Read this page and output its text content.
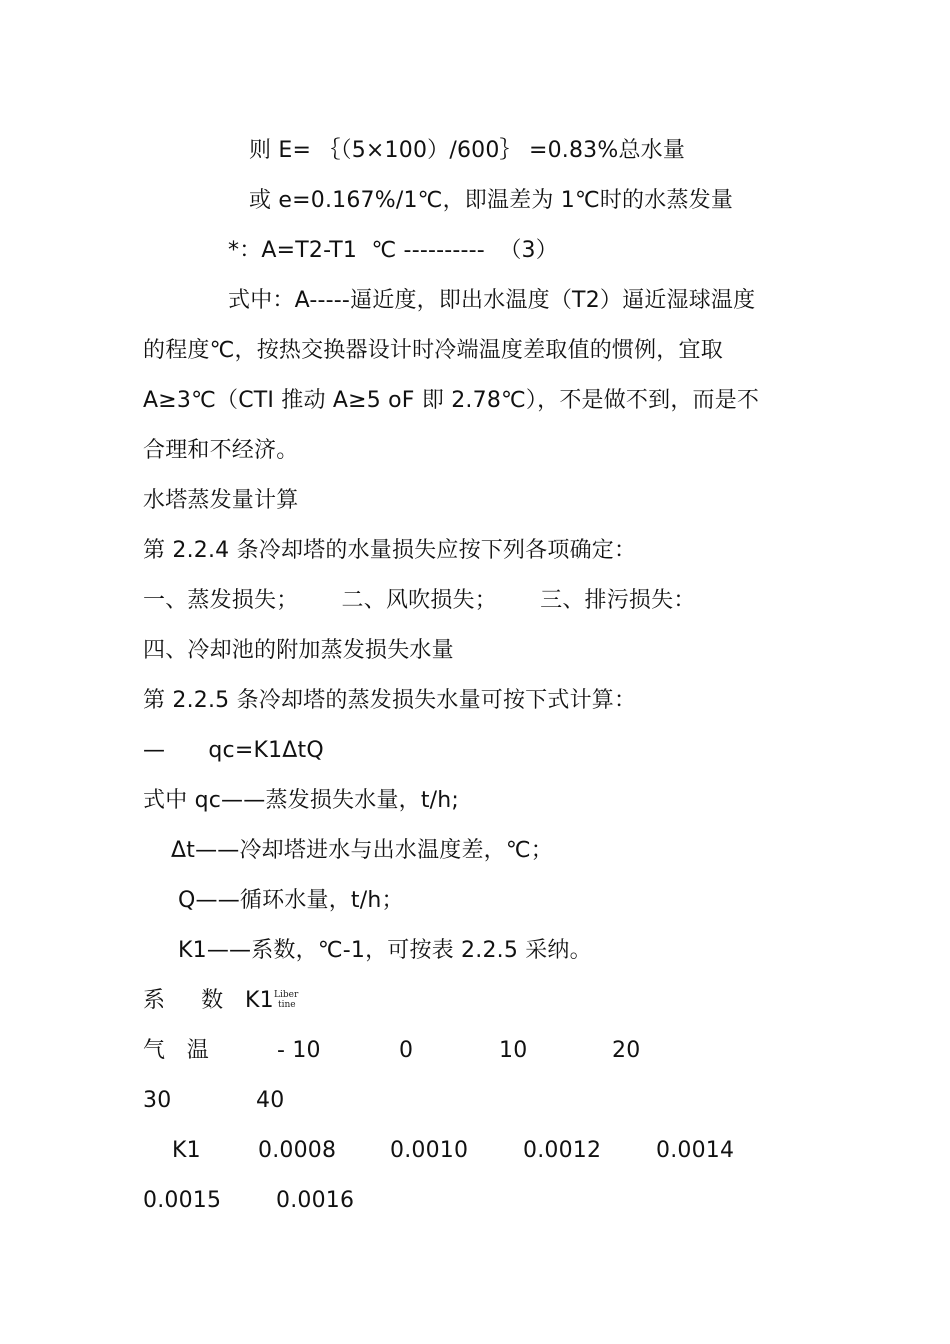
则 E= ｛（5×100）/600｝ =0.83%总水量
或 e=0.167%/1℃，即温差为 1℃时的水蒸发量
*：A=T2-T1  ℃ ----------  （3）
式中：A-----逼近度，即出水温度（T2）逼近湿球温度
的程度℃，按热交换器设计时冷端温度差取值的惯例，宜取
A≥3℃（CTI 推动 A≥5 oF 即 2.78℃），不是做不到，而是不
合理和不经济。
水塔蒸发量计算
第 2.2.4 条冷却塔的水量损失应按下列各项确定：
一、蒸发损失；      二、风吹损失；      三、排污损失：
四、冷却池的附加蒸发损失水量
第 2.2.5 条冷却塔的蒸发损失水量可按下式计算：
—      qc=K1ΔtQ
式中 qc——蒸发损失水量，t/h;
Δt——冷却塔进水与出水温度差，℃；
Q——循环水量，t/h；
K1——系数，℃-1，可按表 2.2.5 采纳。
系     数   K1 Liber
tine
气   温	- 10	0	10	20
30	40
K1	0.0008 0.0010 0.0012 0.0014
0.0015 0.0016
